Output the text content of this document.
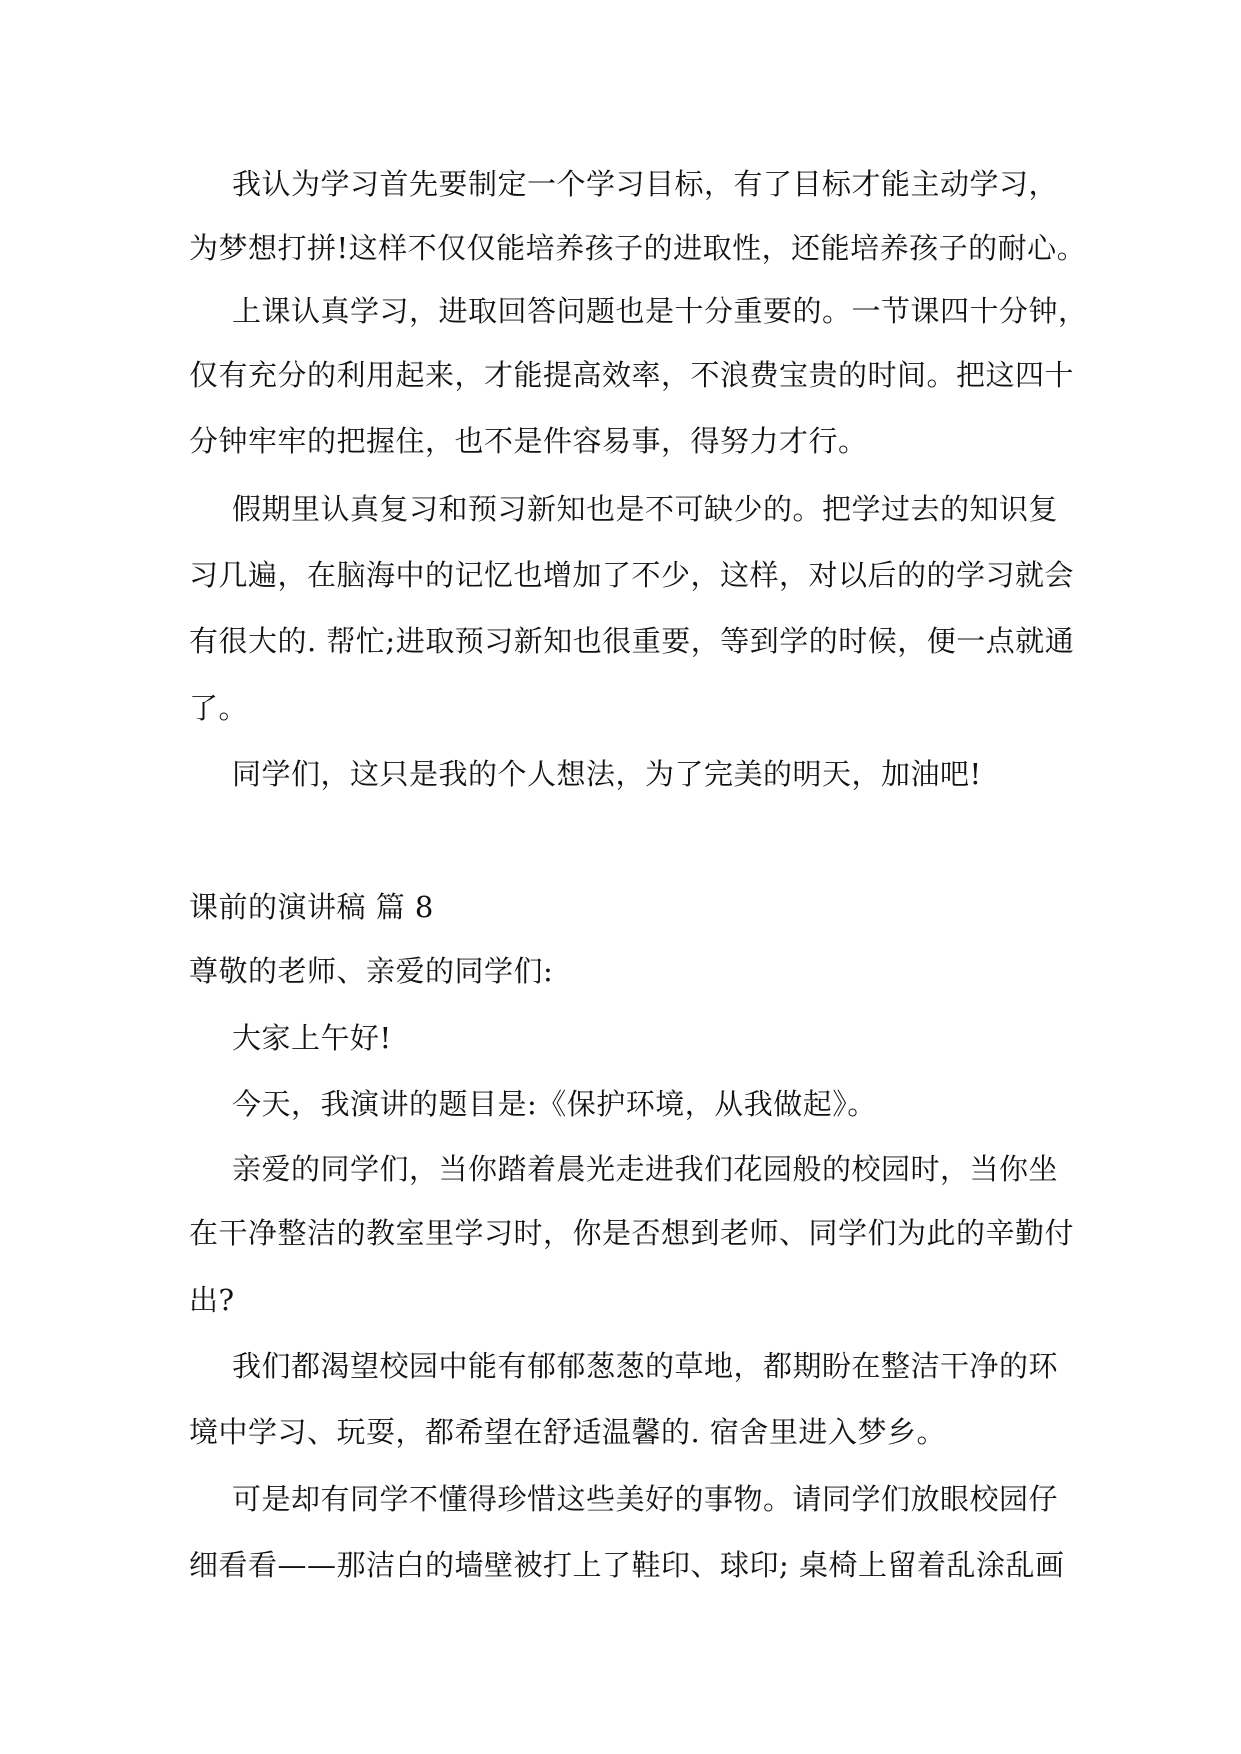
我认为学习首先要制定一个学习目标，有了目标才能主动学习，
为梦想打拼!这样不仅仅能培养孩子的进取性，还能培养孩子的耐心。
上课认真学习，进取回答问题也是十分重要的。一节课四十分钟，
仅有充分的利用起来，才能提高效率，不浪费宝贵的时间。把这四十
分钟牢牢的把握住，也不是件容易事，得努力才行。
假期里认真复习和预习新知也是不可缺少的。把学过去的知识复
习几遍，在脑海中的记忆也增加了不少，这样，对以后的的学习就会
有很大的. 帮忙;进取预习新知也很重要，等到学的时候，便一点就通
了。
同学们，这只是我的个人想法，为了完美的明天，加油吧!
课前的演讲稿 篇 8
尊敬的老师、亲爱的同学们:
大家上午好!
今天，我演讲的题目是:《保护环境，从我做起》。
亲爱的同学们，当你踏着晨光走进我们花园般的校园时，当你坐
在干净整洁的教室里学习时，你是否想到老师、同学们为此的辛勤付
出?
我们都渴望校园中能有郁郁葱葱的草地，都期盼在整洁干净的环
境中学习、玩耍，都希望在舒适温馨的. 宿舍里进入梦乡。
可是却有同学不懂得珍惜这些美好的事物。请同学们放眼校园仔
细看看——那洁白的墙壁被打上了鞋印、球印; 桌椅上留着乱涂乱画
